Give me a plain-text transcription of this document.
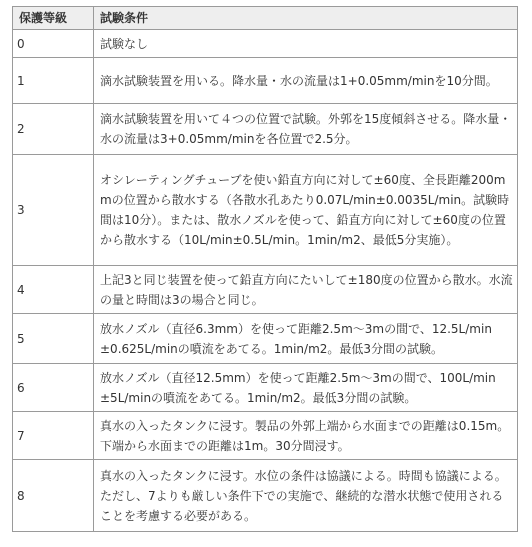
保護等級	試験条件
0	試験なし
1	滴水試験装置を用いる。降水量・水の流量は1+0.05mm/minを10分間。
2	滴水試験装置を用いて４つの位置で試験。外郭を15度傾斜させる。降水量・水の流量は3+0.05mm/minを各位置で2.5分。
3	オシレーティングチューブを使い鉛直方向に対して±60度、全長距離200mmの位置から散水する（各散水孔あたり0.07L/min±0.0035L/min。試験時間は10分）。または、散水ノズルを使って、鉛直方向に対して±60度の位置から散水する（10L/min±0.5L/min。1min/m2、最低5分実施）。
4	上記3と同じ装置を使って鉛直方向にたいして±180度の位置から散水。水流の量と時間は3の場合と同じ。
5	放水ノズル（直径6.3mm）を使って距離2.5m～3mの間で、12.5L/min±0.625L/minの噴流をあてる。1min/m2。最低3分間の試験。
6	放水ノズル（直径12.5mm）を使って距離2.5m～3mの間で、100L/min±5L/minの噴流をあてる。1min/m2。最低3分間の試験。
7	真水の入ったタンクに浸す。製品の外郭上端から水面までの距離は0.15m。下端から水面までの距離は1m。30分間浸す。
8	真水の入ったタンクに浸す。水位の条件は協議による。時間も協議による。ただし、7よりも厳しい条件下での実施で、継続的な潜水状態で使用されることを考慮する必要がある。
